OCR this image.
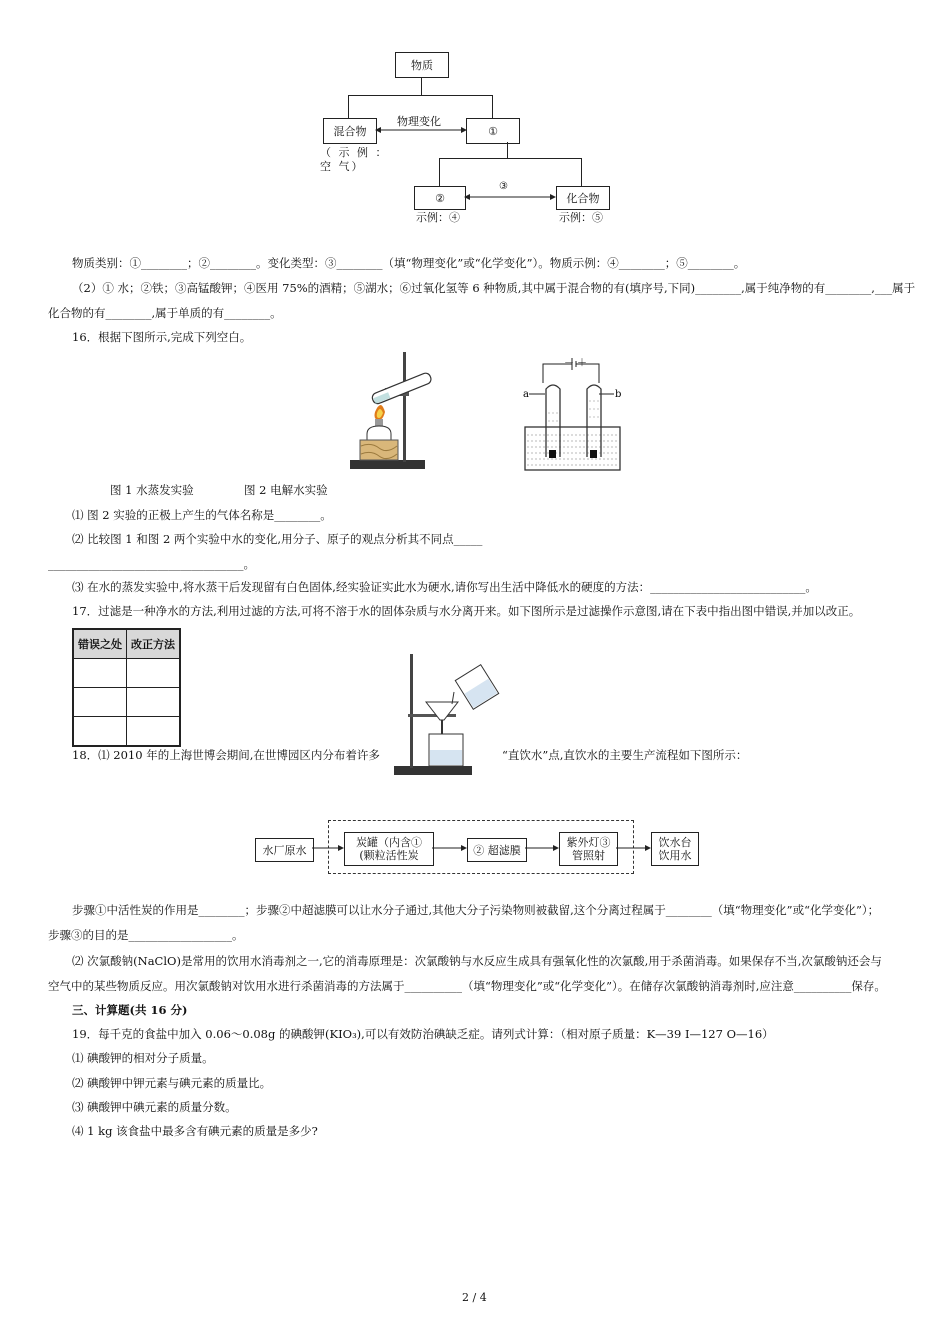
物质
混合物	①
物理变化
（ 示 例 ： 空 气）
②	化合物
③
示例：④	示例：⑤
物质类别：①________；②________。变化类型：③________（填“物理变化”或“化学变化”）。物质示例：④________；⑤________。
（2）① 水；②铁；③高锰酸钾；④医用 75%的酒精；⑤湖水；⑥过氧化氢等 6 种物质,其中属于混合物的有(填序号,下同)________,属于纯净物的有________,___属于
化合物的有________,属于单质的有________。
16．根据下图所示,完成下列空白。
－ ＋
a	b
图 1 水蒸发实验	图 2 电解水实验
⑴ 图 2 实验的正极上产生的气体名称是________。
⑵ 比较图 1 和图 2 两个实验中水的变化,用分子、原子的观点分析其不同点_____
__________________________________。
⑶ 在水的蒸发实验中,将水蒸干后发现留有白色固体,经实验证实此水为硬水,请你写出生活中降低水的硬度的方法：___________________________。
17．过滤是一种净水的方法,利用过滤的方法,可将不溶于水的固体杂质与水分离开来。如下图所示是过滤操作示意图,请在下表中指出图中错误,并加以改正。
错误之处	改正方法

18．⑴ 2010 年的上海世博会期间,在世博园区内分布着许多	“直饮水”点,直饮水的主要生产流程如下图所示：
水厂原水
炭罐（内含①
(颗粒活性炭	② 超滤膜
紫外灯③
管照射
饮水台
饮用水
步骤①中活性炭的作用是________；步骤②中超滤膜可以让水分子通过,其他大分子污染物则被截留,这个分离过程属于________（填“物理变化”或“化学变化”）；
步骤③的目的是__________________。
⑵ 次氯酸钠(NaClO)是常用的饮用水消毒剂之一,它的消毒原理是：次氯酸钠与水反应生成具有强氧化性的次氯酸,用于杀菌消毒。如果保存不当,次氯酸钠还会与
空气中的某些物质反应。用次氯酸钠对饮用水进行杀菌消毒的方法属于__________（填“物理变化”或“化学变化”）。在储存次氯酸钠消毒剂时,应注意__________保存。
三、计算题(共 16 分)
19．每千克的食盐中加入 0.06～0.08g 的碘酸钾(KIO₃),可以有效防治碘缺乏症。请列式计算：（相对原子质量：K—39 I—127 O—16）
⑴ 碘酸钾的相对分子质量。
⑵ 碘酸钾中钾元素与碘元素的质量比。
⑶ 碘酸钾中碘元素的质量分数。
⑷ 1 kg 该食盐中最多含有碘元素的质量是多少?
2 / 4
